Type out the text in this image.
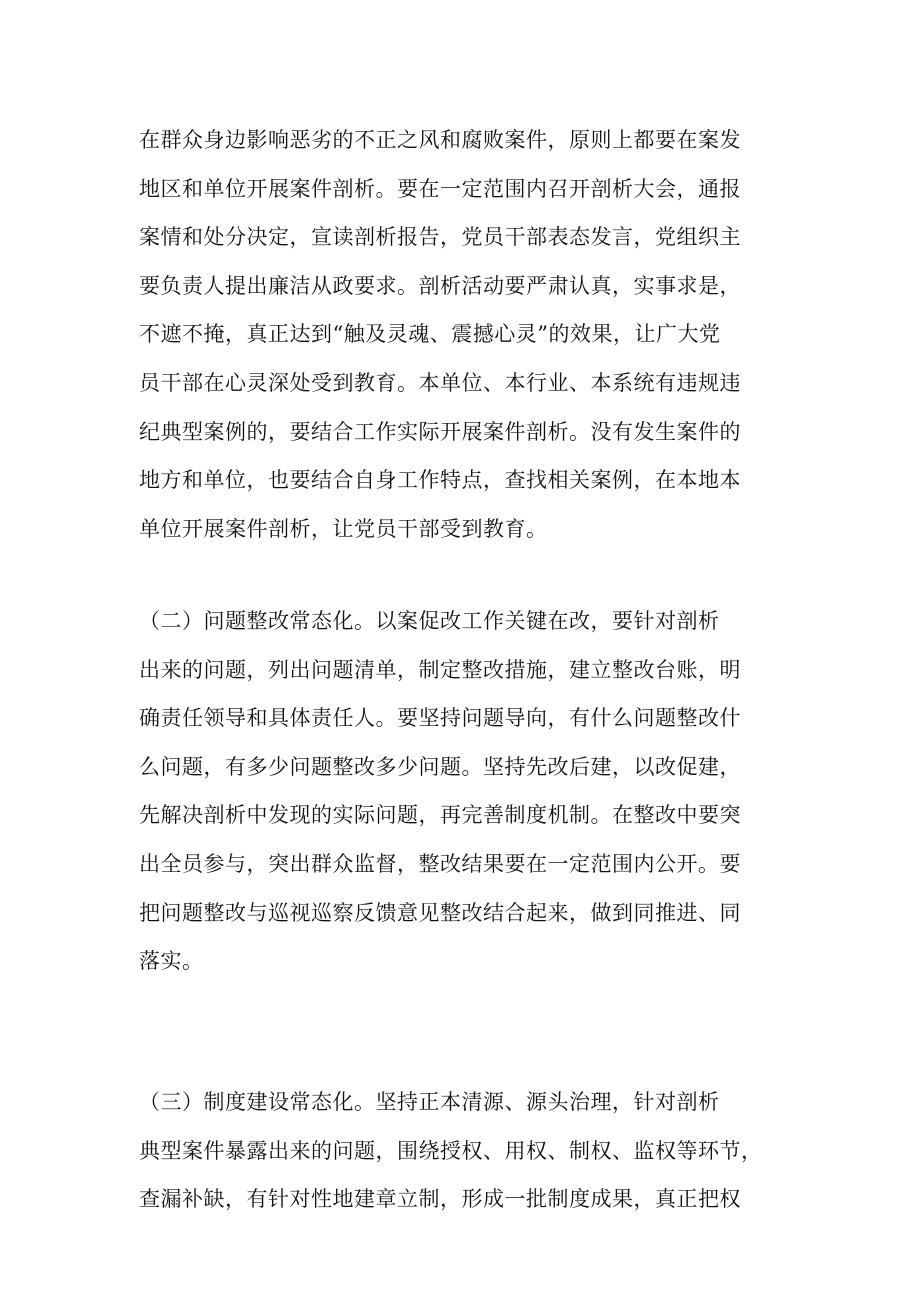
在群众身边影响恶劣的不正之风和腐败案件，原则上都要在案发
地区和单位开展案件剖析。要在一定范围内召开剖析大会，通报
案情和处分决定，宣读剖析报告，党员干部表态发言，党组织主
要负责人提出廉洁从政要求。剖析活动要严肃认真，实事求是，
不遮不掩，真正达到“触及灵魂、震撼心灵”的效果，让广大党
员干部在心灵深处受到教育。本单位、本行业、本系统有违规违
纪典型案例的，要结合工作实际开展案件剖析。没有发生案件的
地方和单位，也要结合自身工作特点，查找相关案例，在本地本
单位开展案件剖析，让党员干部受到教育。
（二）问题整改常态化。以案促改工作关键在改，要针对剖析
出来的问题，列出问题清单，制定整改措施，建立整改台账，明
确责任领导和具体责任人。要坚持问题导向，有什么问题整改什
么问题，有多少问题整改多少问题。坚持先改后建，以改促建，
先解决剖析中发现的实际问题，再完善制度机制。在整改中要突
出全员参与，突出群众监督，整改结果要在一定范围内公开。要
把问题整改与巡视巡察反馈意见整改结合起来，做到同推进、同
落实。
（三）制度建设常态化。坚持正本清源、源头治理，针对剖析
典型案件暴露出来的问题，围绕授权、用权、制权、监权等环节，
查漏补缺，有针对性地建章立制，形成一批制度成果，真正把权
